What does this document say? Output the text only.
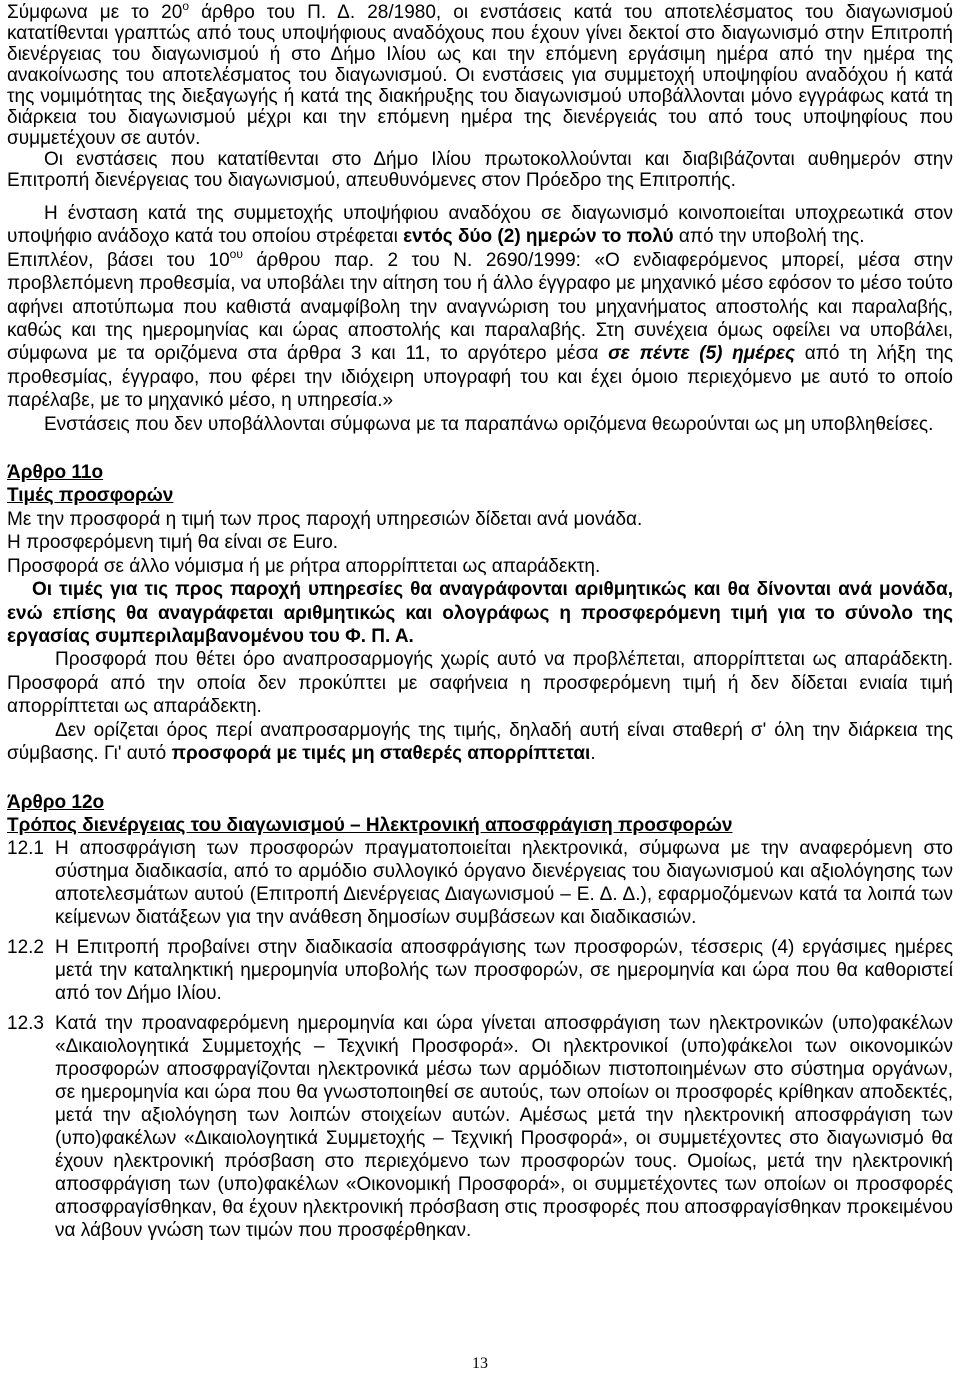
Σύμφωνα με το $20^o$ άρθρο του Π. Δ. 28/1980, οι ενστάσεις κατά του αποτελέσματος του διαγωνισμού κατατίθενται γραπτώς από τους υποψήφιους αναδόχους που έχουν γίνει δεκτοί στο διαγωνισμό στην Επιτροπή διενέργειας του διαγωνισμού ή στο Δήμο Ιλίου ως και την επόμενη εργάσιμη ημέρα από την ημέρα της ανακοίνωσης του αποτελέσματος του διαγωνισμού. Οι ενστάσεις για συμμετοχή υποψηφίου αναδόχου ή κατά της νομιμότητας της διεξαγωγής ή κατά της διακήρυξης του διαγωνισμού υποβάλλονται μόνο εγγράφως κατά τη διάρκεια του διαγωνισμού μέχρι και την επόμενη ημέρα της διενέργειάς του από τους υποψηφίους που συμμετέχουν σε αυτόν.

Οι ενστάσεις που κατατίθενται στο Δήμο Ιλίου πρωτοκολλούνται και διαβιβάζονται αυθημερόν στην Επιτροπή διενέργειας του διαγωνισμού, απευθυνόμενες στον Πρόεδρο της Επιτροπής.

Η ένσταση κατά της συμμετοχής υποψήφιου αναδόχου σε διαγωνισμό κοινοποιείται υποχρεωτικά στον υποψήφιο ανάδοχο κατά του οποίου στρέφεται εντός δύο (2) ημερών το πολύ από την υποβολή της.

Επιπλέον, βάσει του $10^{o\upsilon}$ άρθρου παρ. 2 του Ν. 2690/1999: «Ο ενδιαφερόμενος μπορεί, μέσα στην προβλεπόμενη προθεσμία, να υποβάλει την αίτηση του ή άλλο έγγραφο με μηχανικό μέσο εφόσον το μέσο τούτο αφήνει αποτύπωμα που καθιστά αναμφίβολη την αναγνώριση του μηχανήματος αποστολής και παραλαβής, καθώς και της ημερομηνίας και ώρας αποστολής και παραλαβής. Στη συνέχεια όμως οφείλει να υποβάλει, σύμφωνα με τα οριζόμενα στα άρθρα 3 και 11, το αργότερο μέσα σε πέντε (5) ημέρες από τη λήξη της προθεσμίας, έγγραφο, που φέρει την ιδιόχειρη υπογραφή του και έχει όμοιο περιεχόμενο με αυτό το οποίο παρέλαβε, με το μηχανικό μέσο, η υπηρεσία.»

Ενστάσεις που δεν υποβάλλονται σύμφωνα με τα παραπάνω οριζόμενα θεωρούνται ως μη υποβληθείσες.

Άρθρο 11ο

Τιμές προσφορών

Με την προσφορά η τιμή των προς παροχή υπηρεσιών δίδεται ανά μονάδα.

Η προσφερόμενη τιμή θα είναι σε Euro.

Προσφορά σε άλλο νόμισμα ή με ρήτρα απορρίπτεται ως απαράδεκτη.

Οι τιμές για τις προς παροχή υπηρεσίες θα αναγράφονται αριθμητικώς και θα δίνονται ανά μονάδα, ενώ επίσης θα αναγράφεται αριθμητικώς και ολογράφως η προσφερόμενη τιμή για το σύνολο της εργασίας συμπεριλαμβανομένου του Φ. Π. Α.

Προσφορά που θέτει όρο αναπροσαρμογής χωρίς αυτό να προβλέπεται, απορρίπτεται ως απαράδεκτη. Προσφορά από την οποία δεν προκύπτει με σαφήνεια η προσφερόμενη τιμή ή δεν δίδεται ενιαία τιμή απορρίπτεται ως απαράδεκτη.

Δεν ορίζεται όρος περί αναπροσαρμογής της τιμής, δηλαδή αυτή είναι σταθερή σ' όλη την διάρκεια της σύμβασης. Γι' αυτό προσφορά με τιμές μη σταθερές απορρίπτεται.

Άρθρο 12ο

Τρόπος διενέργειας του διαγωνισμού – Ηλεκτρονική αποσφράγιση προσφορών

12.1 Η αποσφράγιση των προσφορών πραγματοποιείται ηλεκτρονικά, σύμφωνα με την αναφερόμενη στο σύστημα διαδικασία, από το αρμόδιο συλλογικό όργανο διενέργειας του διαγωνισμού και αξιολόγησης των αποτελεσμάτων αυτού (Επιτροπή Διενέργειας Διαγωνισμού – Ε. Δ. Δ.), εφαρμοζόμενων κατά τα λοιπά των κείμενων διατάξεων για την ανάθεση δημοσίων συμβάσεων και διαδικασιών.
12.2 Η Επιτροπή προβαίνει στην διαδικασία αποσφράγισης των προσφορών, τέσσερις (4) εργάσιμες ημέρες μετά την καταληκτική ημερομηνία υποβολής των προσφορών, σε ημερομηνία και ώρα που θα καθοριστεί από τον Δήμο Ιλίου.
12.3 Κατά την προαναφερόμενη ημερομηνία και ώρα γίνεται αποσφράγιση των ηλεκτρονικών (υπο)φακέλων «Δικαιολογητικά Συμμετοχής – Τεχνική Προσφορά». Οι ηλεκτρονικοί (υπο)φάκελοι των οικονομικών προσφορών αποσφραγίζονται ηλεκτρονικά μέσω των αρμόδιων πιστοποιημένων στο σύστημα οργάνων, σε ημερομηνία και ώρα που θα γνωστοποιηθεί σε αυτούς, των οποίων οι προσφορές κρίθηκαν αποδεκτές, μετά την αξιολόγηση των λοιπών στοιχείων αυτών. Αμέσως μετά την ηλεκτρονική αποσφράγιση των (υπο)φακέλων «Δικαιολογητικά Συμμετοχής – Τεχνική Προσφορά», οι συμμετέχοντες στο διαγωνισμό θα έχουν ηλεκτρονική πρόσβαση στο περιεχόμενο των προσφορών τους. Ομοίως, μετά την ηλεκτρονική αποσφράγιση των (υπο)φακέλων «Οικονομική Προσφορά», οι συμμετέχοντες των οποίων οι προσφορές αποσφραγίσθηκαν, θα έχουν ηλεκτρονική πρόσβαση στις προσφορές που αποσφραγίσθηκαν προκειμένου να λάβουν γνώση των τιμών που προσφέρθηκαν.
13
